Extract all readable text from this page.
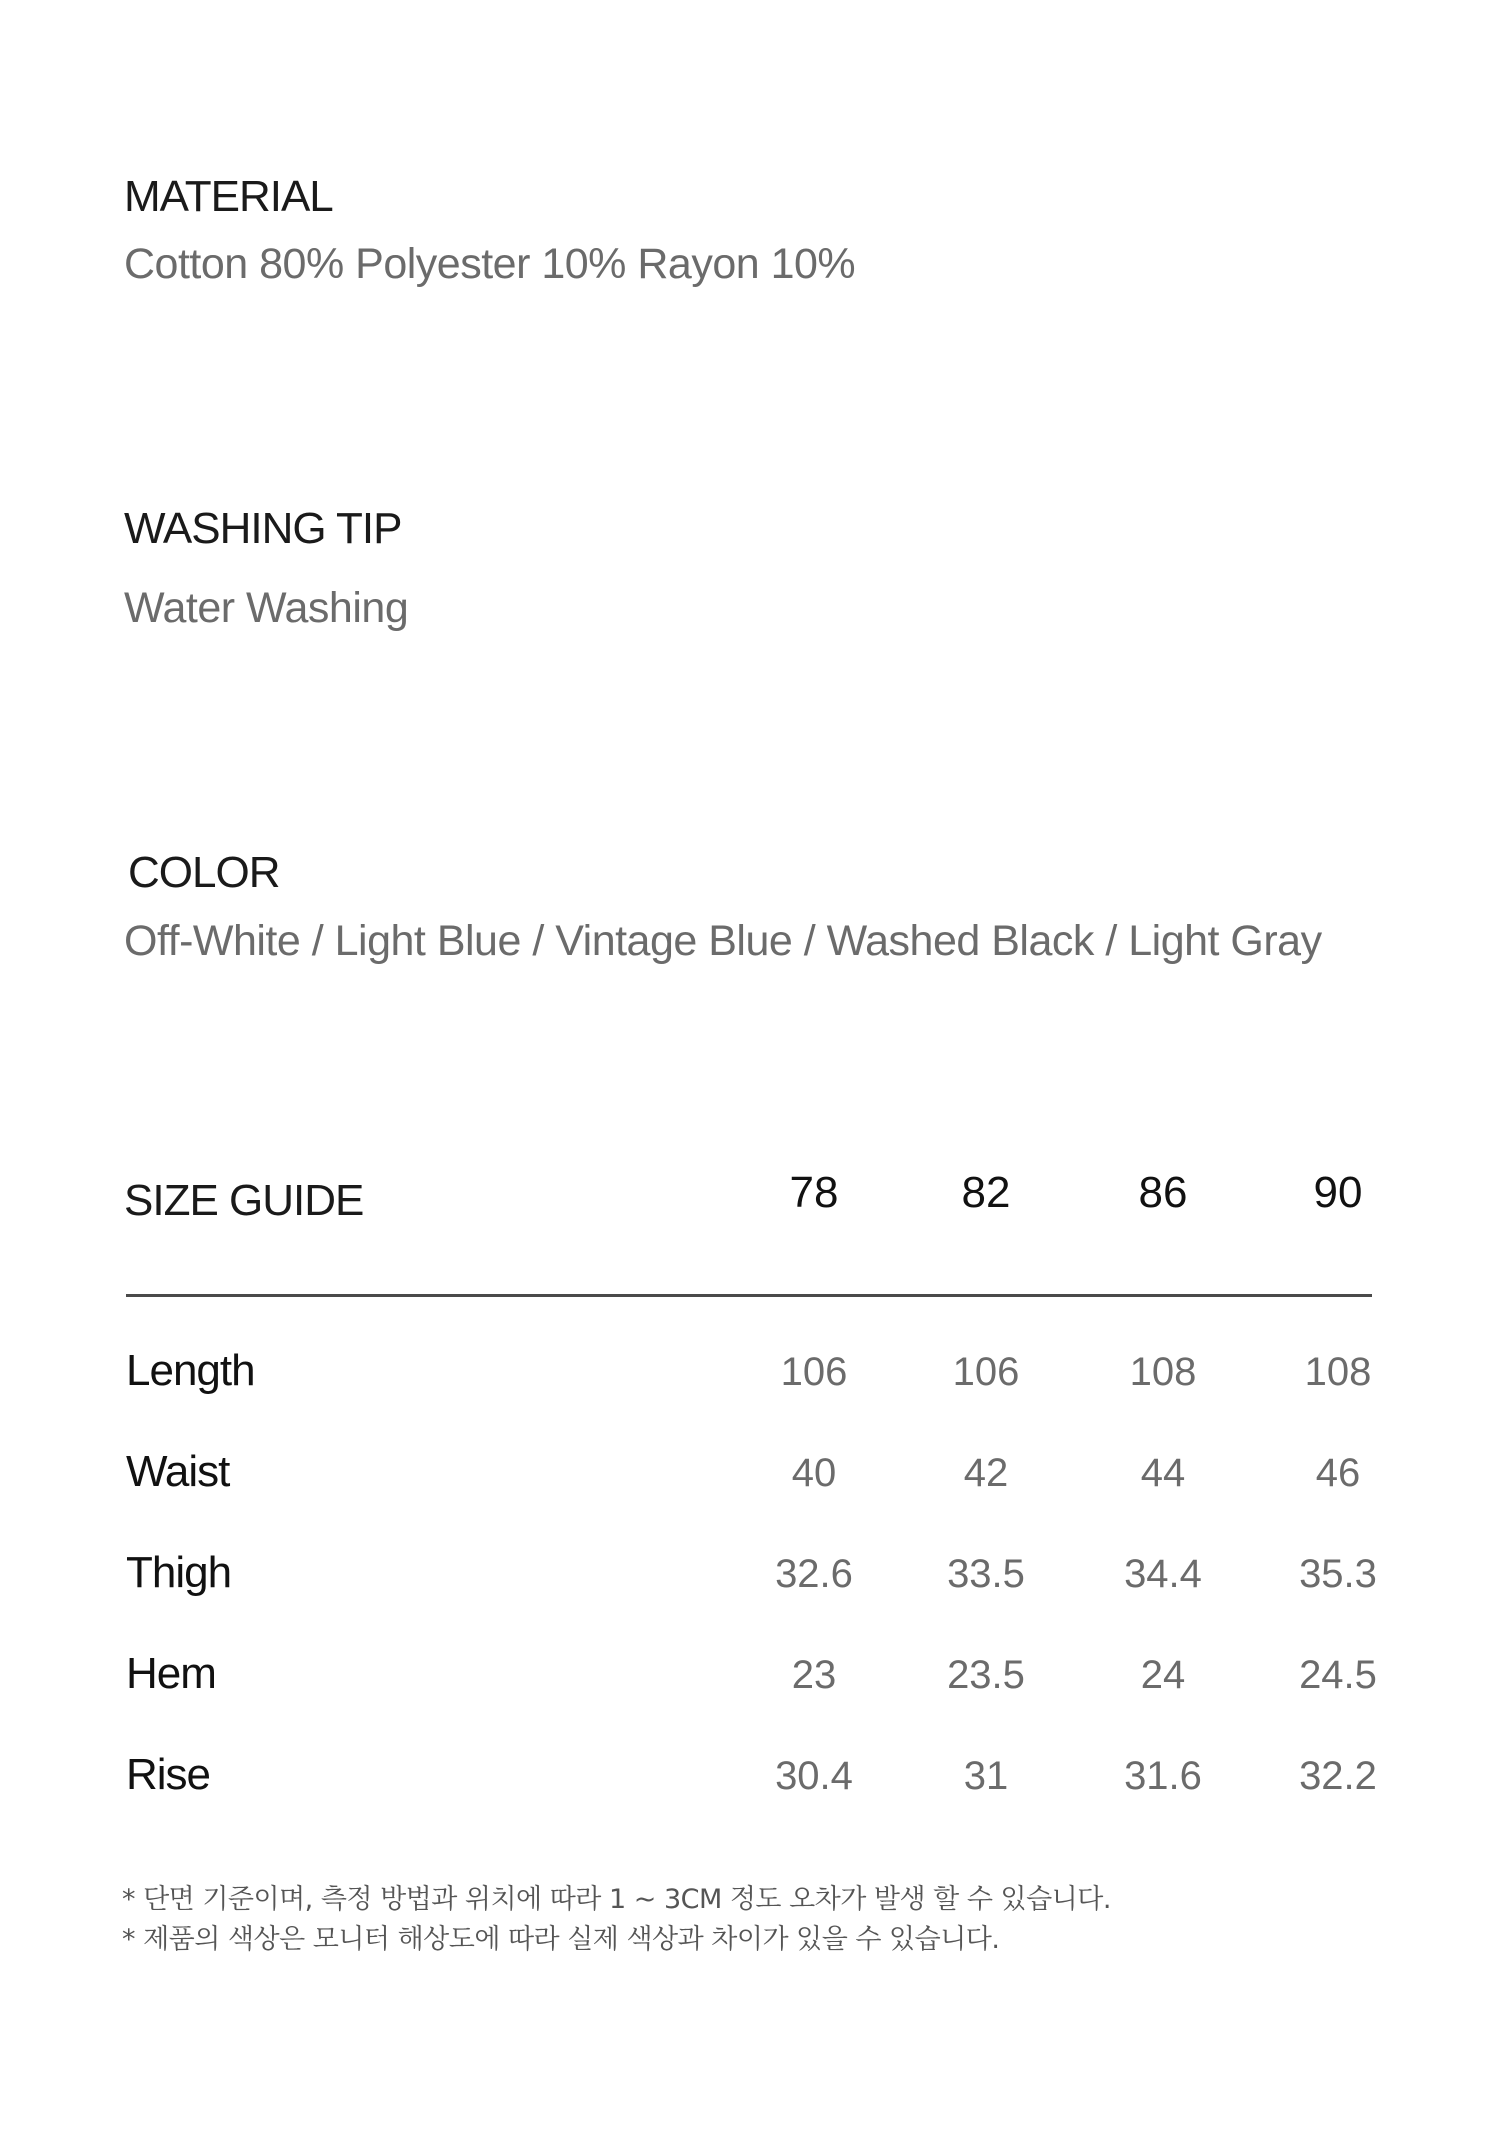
MATERIAL
Cotton 80% Polyester 10% Rayon 10%
WASHING TIP
Water Washing
COLOR
Off-White / Light Blue / Vintage Blue / Washed Black / Light Gray
SIZE GUIDE	78	82	86	90
Length	106	106	108	108
Waist	40	42	44	46
Thigh	32.6	33.5	34.4	35.3
Hem	23	23.5	24	24.5
Rise	30.4	31	31.6	32.2
* 단면 기준이며, 측정 방법과 위치에 따라 1 ~ 3CM 정도 오차가 발생 할 수 있습니다.
* 제품의 색상은 모니터 해상도에 따라 실제 색상과 차이가 있을 수 있습니다.
